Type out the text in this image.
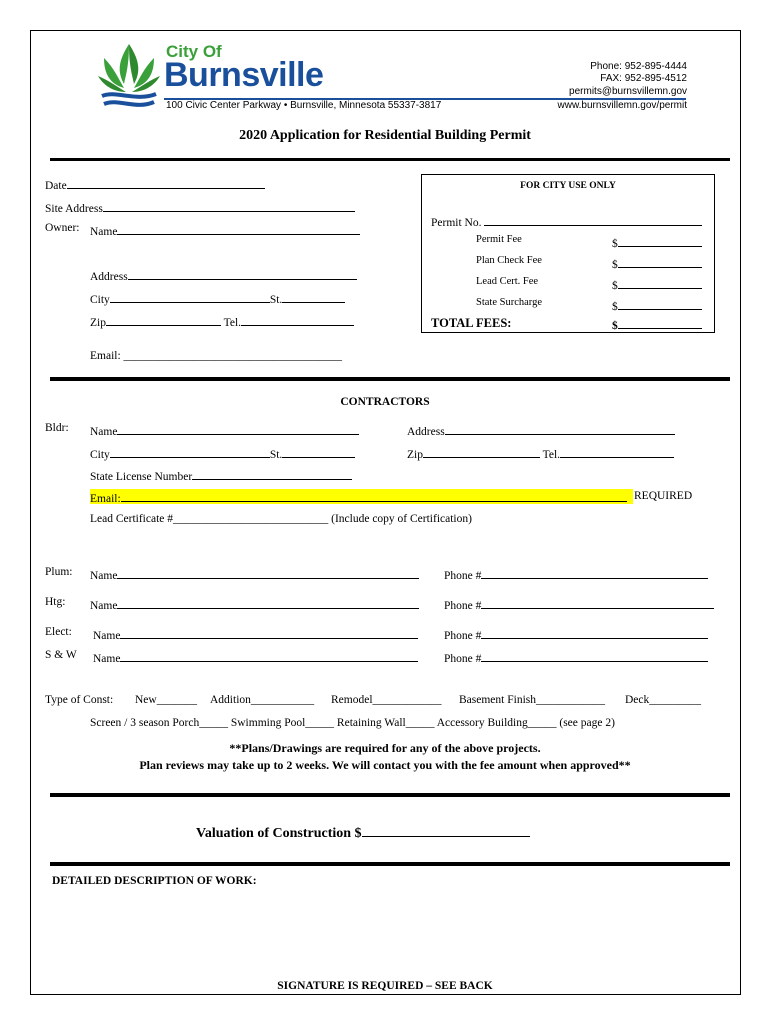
City Of
Burnsville
100 Civic Center Parkway • Burnsville, Minnesota 55337-3817
Phone: 952-895-4444
FAX: 952-895-4512
permits@burnsvillemn.gov
www.burnsvillemn.gov/permit
2020 Application for Residential Building Permit
Date
Site Address
Owner: Name
Address
City	St.
Zip	Tel.
Email: ______________________________________
FOR CITY USE ONLY
Permit No.
Permit Fee	$
Plan Check Fee	$
Lead Cert. Fee	$
State Surcharge	$
TOTAL FEES:	$
CONTRACTORS
Bldr: Name	Address
City	St.	Zip	Tel.
State License Number
Email:	REQUIRED
Lead Certificate #___________________________ (Include copy of Certification)
Plum: Name	Phone #
Htg: Name	Phone #
Elect: Name	Phone #
S & W Name	Phone #
Type of Const: New_______ Addition___________ Remodel____________ Basement Finish____________ Deck_________
Screen / 3 season Porch_____ Swimming Pool_____ Retaining Wall_____ Accessory Building_____ (see page 2)
**Plans/Drawings are required for any of the above projects.
Plan reviews may take up to 2 weeks. We will contact you with the fee amount when approved**
Valuation of Construction $
DETAILED DESCRIPTION OF WORK:
SIGNATURE IS REQUIRED – SEE BACK
